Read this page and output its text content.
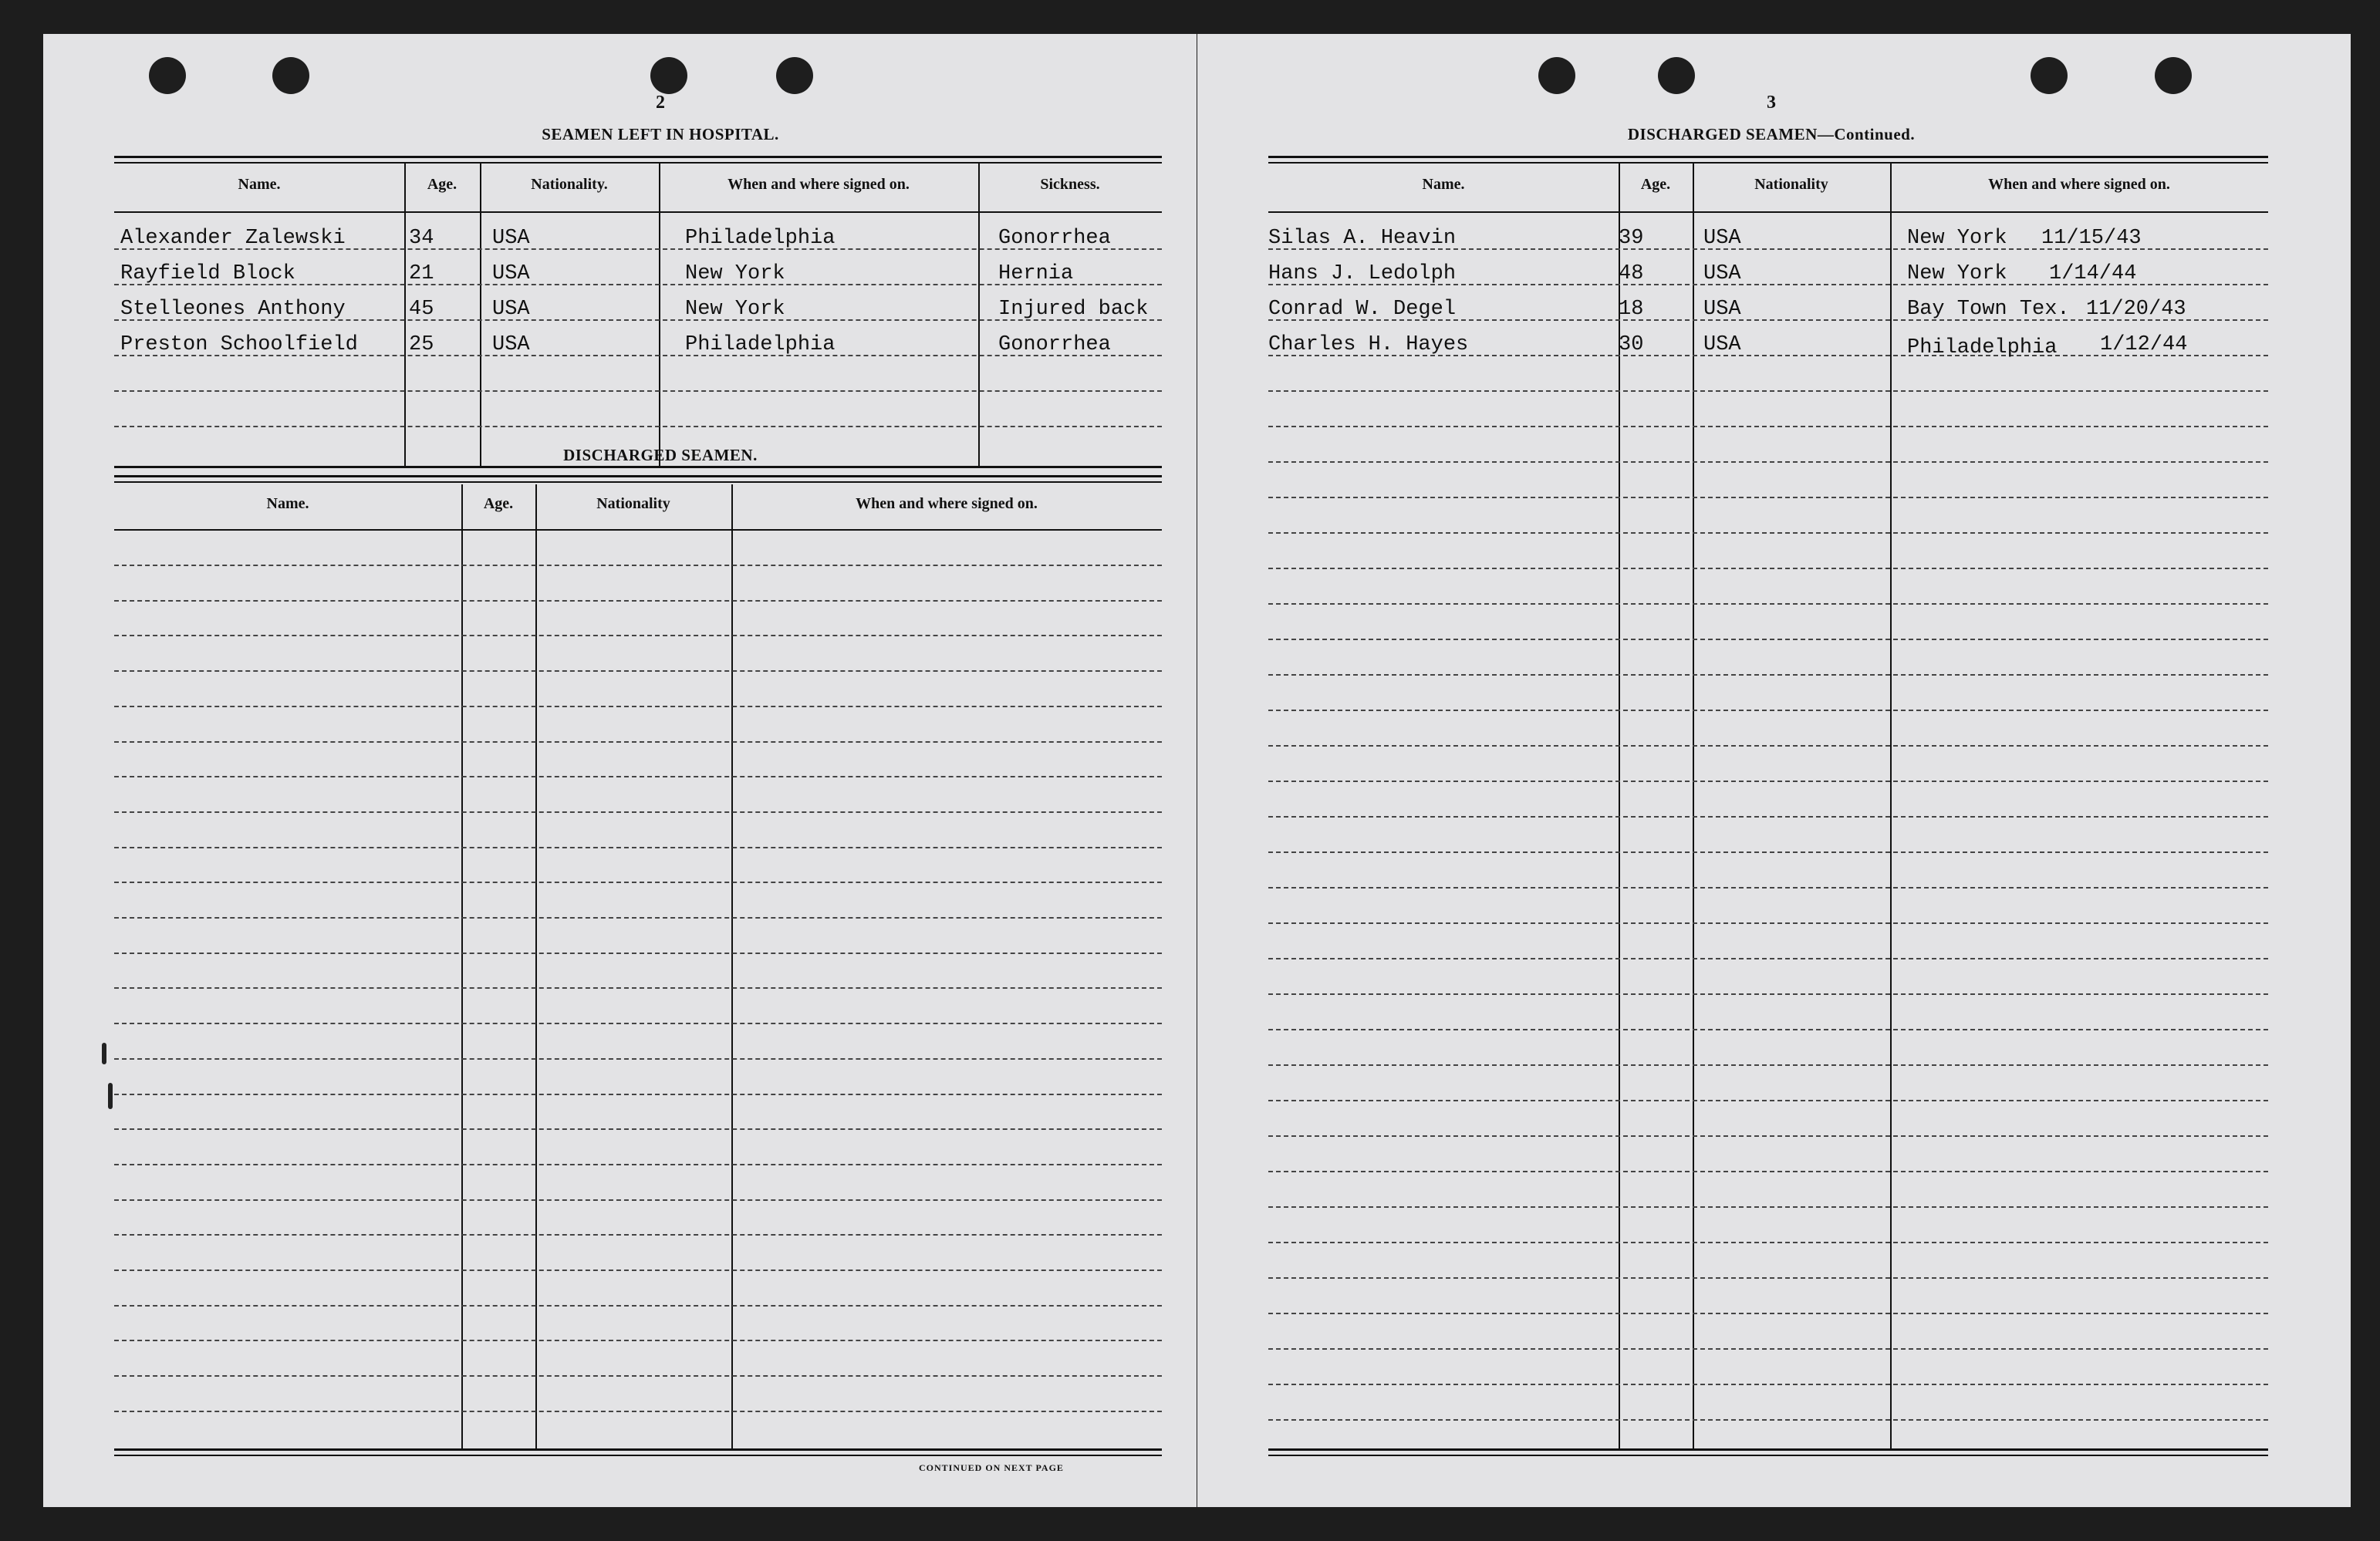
2
SEAMEN LEFT IN HOSPITAL.
Name.	Age.	Nationality.	When and where signed on.	Sickness.
Alexander Zalewski	34	USA	Philadelphia	Gonorrhea
Rayfield Block	21	USA	New York	Hernia
Stelleones Anthony	45	USA	New York	Injured back
Preston Schoolfield 25	USA	Philadelphia	Gonorrhea
DISCHARGED SEAMEN.
Name.	Age.	Nationality	When and where signed on.
CONTINUED ON NEXT PAGE
3
DISCHARGED SEAMEN—Continued.
Name.	Age.	Nationality	When and where signed on.
Silas A. Heavin	39	USA	New York 11/15/43
Hans J. Ledolph	48	USA	New York 1/14/44
Conrad W. Degel	18	USA	Bay Town Tex. 11/20/43
Charles H. Hayes	30	USA	Philadelphia 1/12/44
